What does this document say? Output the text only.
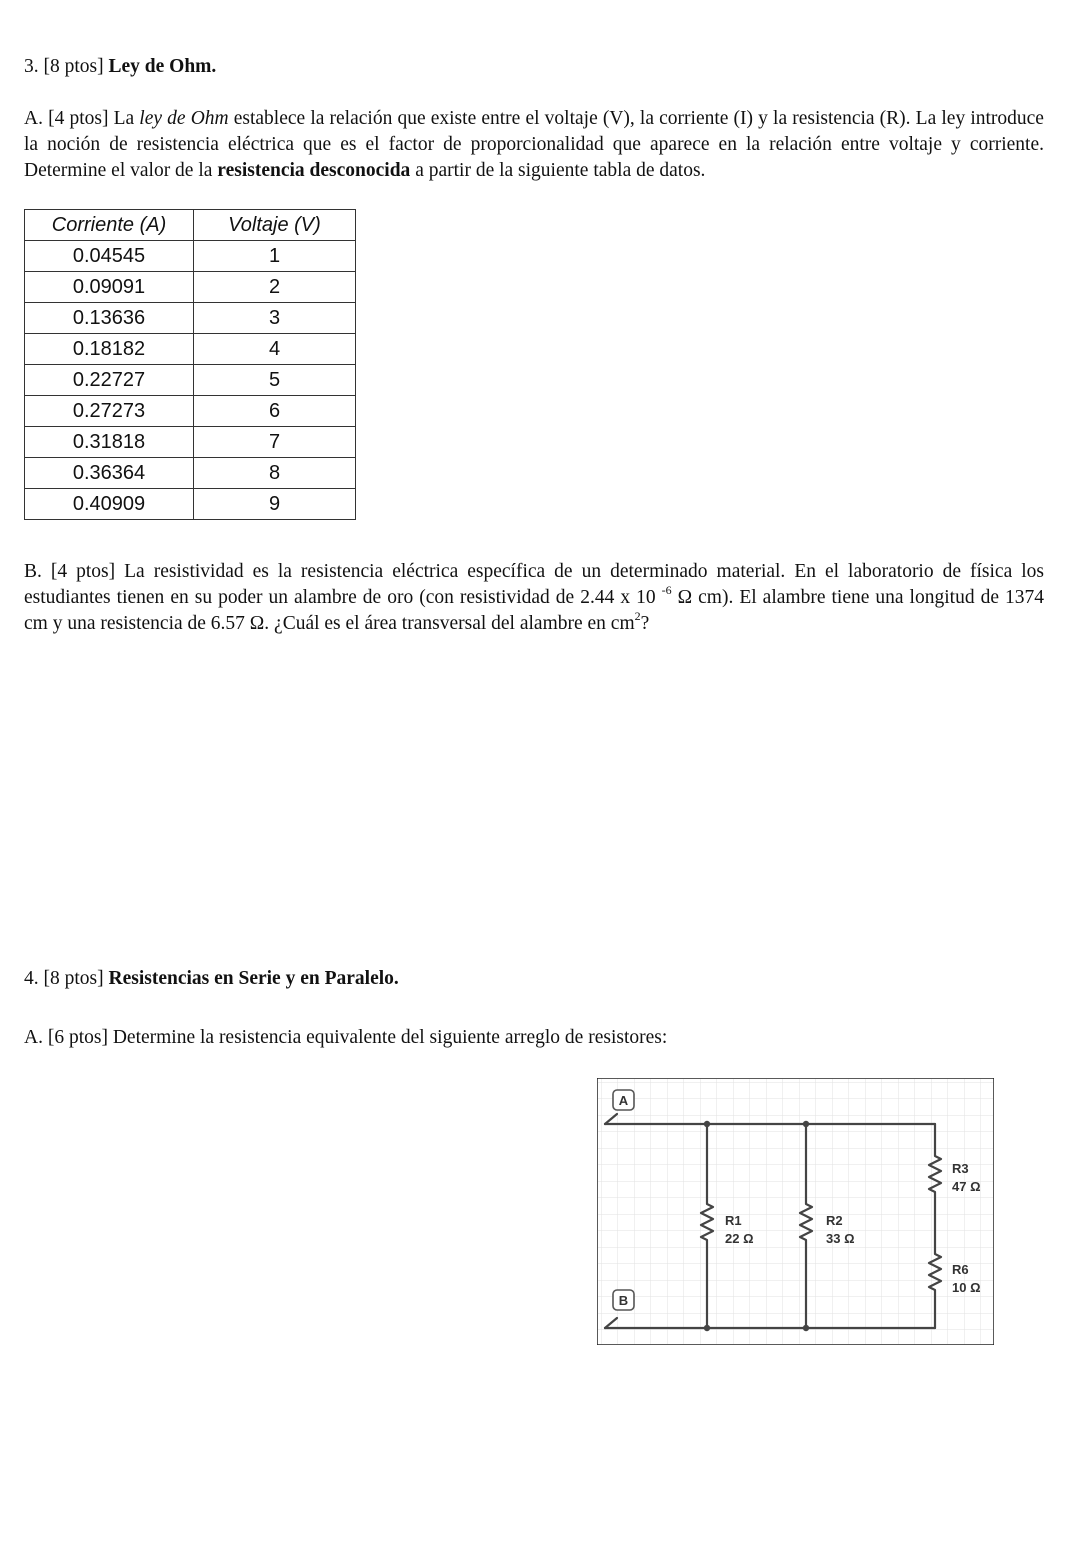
3. [8 ptos] Ley de Ohm.
A. [4 ptos] La ley de Ohm establece la relación que existe entre el voltaje (V), la corriente (I) y la resistencia (R). La ley introduce la noción de resistencia eléctrica que es el factor de proporcionalidad que aparece en la relación entre voltaje y corriente. Determine el valor de la resistencia desconocida a partir de la siguiente tabla de datos.
Corriente (A)	Voltaje (V)
0.04545	1
0.09091	2
0.13636	3
0.18182	4
0.22727	5
0.27273	6
0.31818	7
0.36364	8
0.40909	9
B. [4 ptos] La resistividad es la resistencia eléctrica específica de un determinado material. En el laboratorio de física los estudiantes tienen en su poder un alambre de oro (con resistividad de 2.44 x 10 $^{-6}$ Ω cm). El alambre tiene una longitud de 1374 cm y una resistencia de 6.57 Ω. ¿Cuál es el área transversal del alambre en $cm^2$?
4. [8 ptos] Resistencias en Serie y en Paralelo.
A. [6 ptos] Determine la resistencia equivalente del siguiente arreglo de resistores:
A
B
R1
22 Ω
R2
33 Ω
R3
47 Ω
R6
10 Ω
